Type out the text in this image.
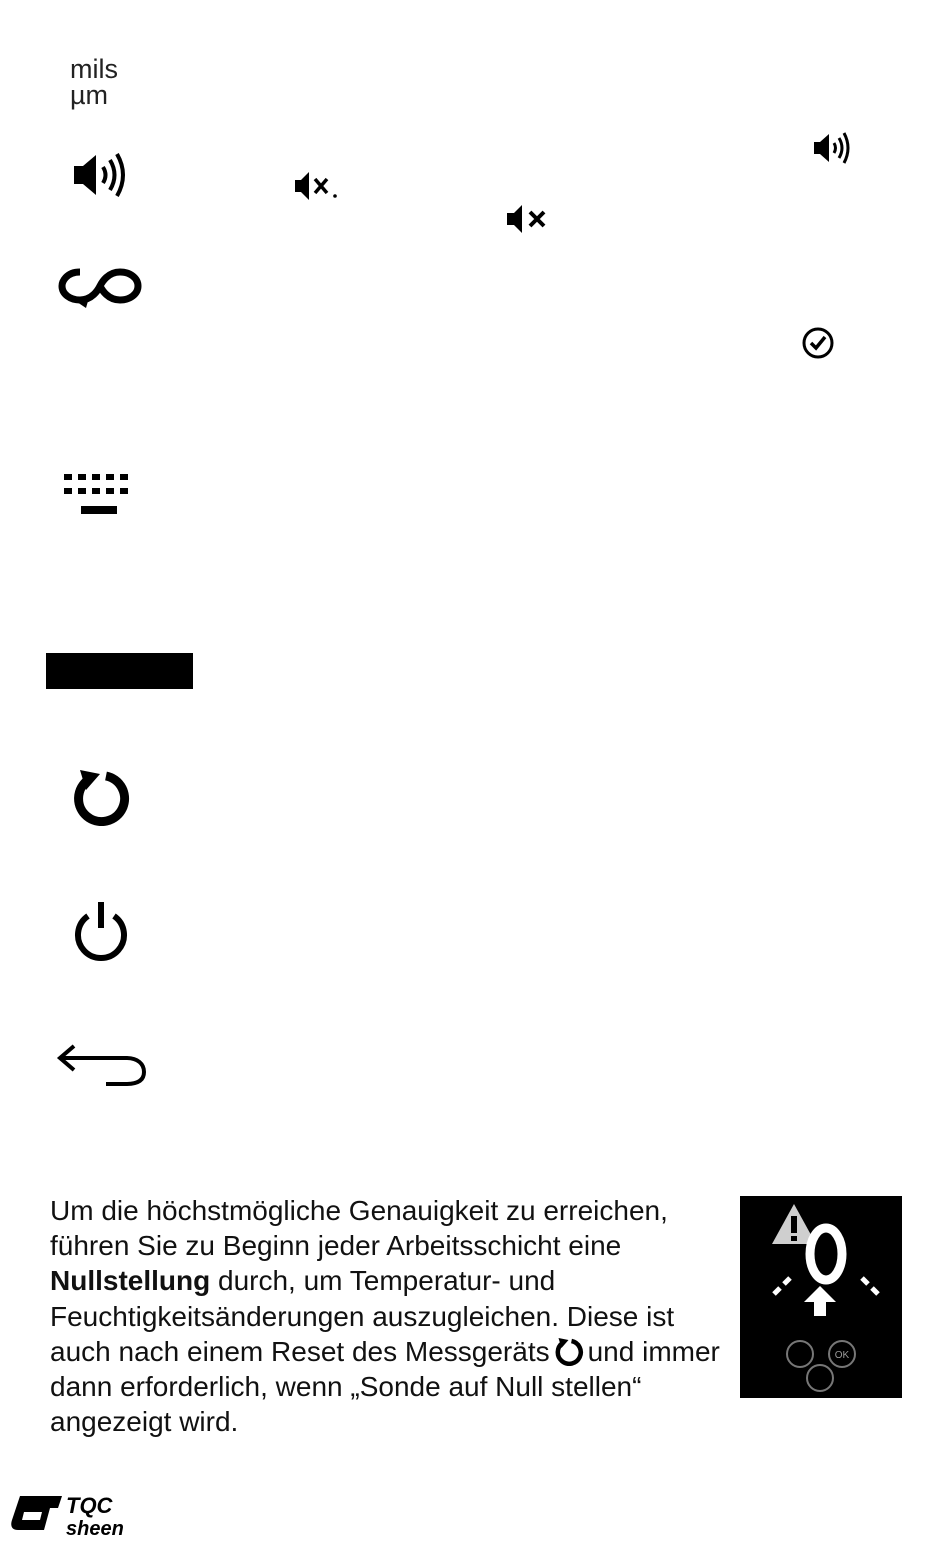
mils
µm
Um die höchstmögliche Genauigkeit zu erreichen, führen Sie zu Beginn jeder Arbeitsschicht eine Nullstellung durch, um Temperatur- und Feuchtigkeitsänderungen auszugleichen. Diese ist auch nach einem Reset des Messgeräts und immer dann erforderlich, wenn „Sonde auf Null stellen“ angezeigt wird.
OK
TQC
sheen
